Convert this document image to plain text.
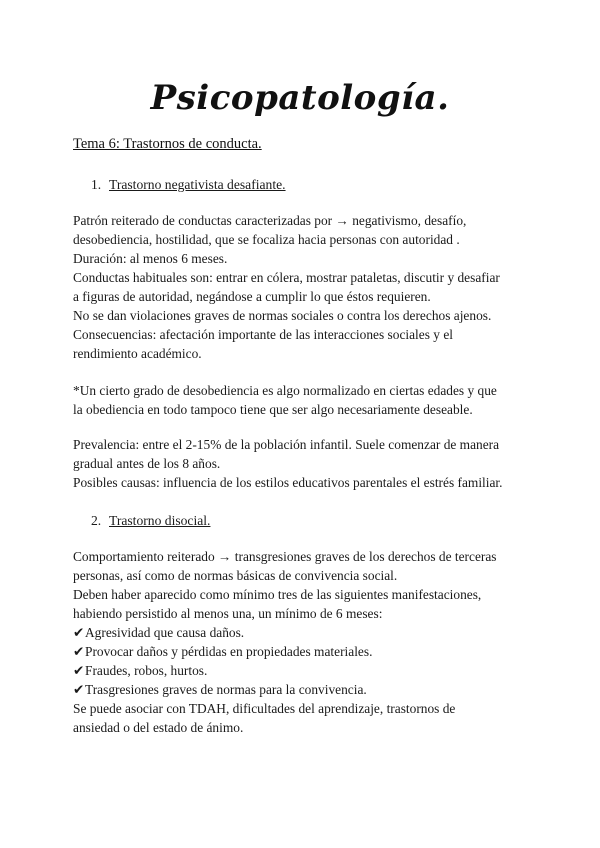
Psicopatología.
Tema 6: Trastornos de conducta.
1. Trastorno negativista desafiante.
Patrón reiterado de conductas caracterizadas por → negativismo, desafío,
desobediencia, hostilidad, que se focaliza hacia personas con autoridad .
Duración: al menos 6 meses.
Conductas habituales son: entrar en cólera, mostrar pataletas, discutir y desafiar
a figuras de autoridad, negándose a cumplir lo que éstos requieren.
No se dan violaciones graves de normas sociales o contra los derechos ajenos.
Consecuencias: afectación importante de las interacciones sociales y el
rendimiento académico.
*Un cierto grado de desobediencia es algo normalizado en ciertas edades y que
la obediencia en todo tampoco tiene que ser algo necesariamente deseable.
Prevalencia: entre el 2-15% de la población infantil. Suele comenzar de manera
gradual antes de los 8 años.
Posibles causas: influencia de los estilos educativos parentales el estrés familiar.
2. Trastorno disocial.
Comportamiento reiterado → transgresiones graves de los derechos de terceras
personas, así como de normas básicas de convivencia social.
Deben haber aparecido como mínimo tres de las siguientes manifestaciones,
habiendo persistido al menos una, un mínimo de 6 meses:
✔Agresividad que causa daños.
✔Provocar daños y pérdidas en propiedades materiales.
✔Fraudes, robos, hurtos.
✔Trasgresiones graves de normas para la convivencia.
Se puede asociar con TDAH, dificultades del aprendizaje, trastornos de
ansiedad o del estado de ánimo.
